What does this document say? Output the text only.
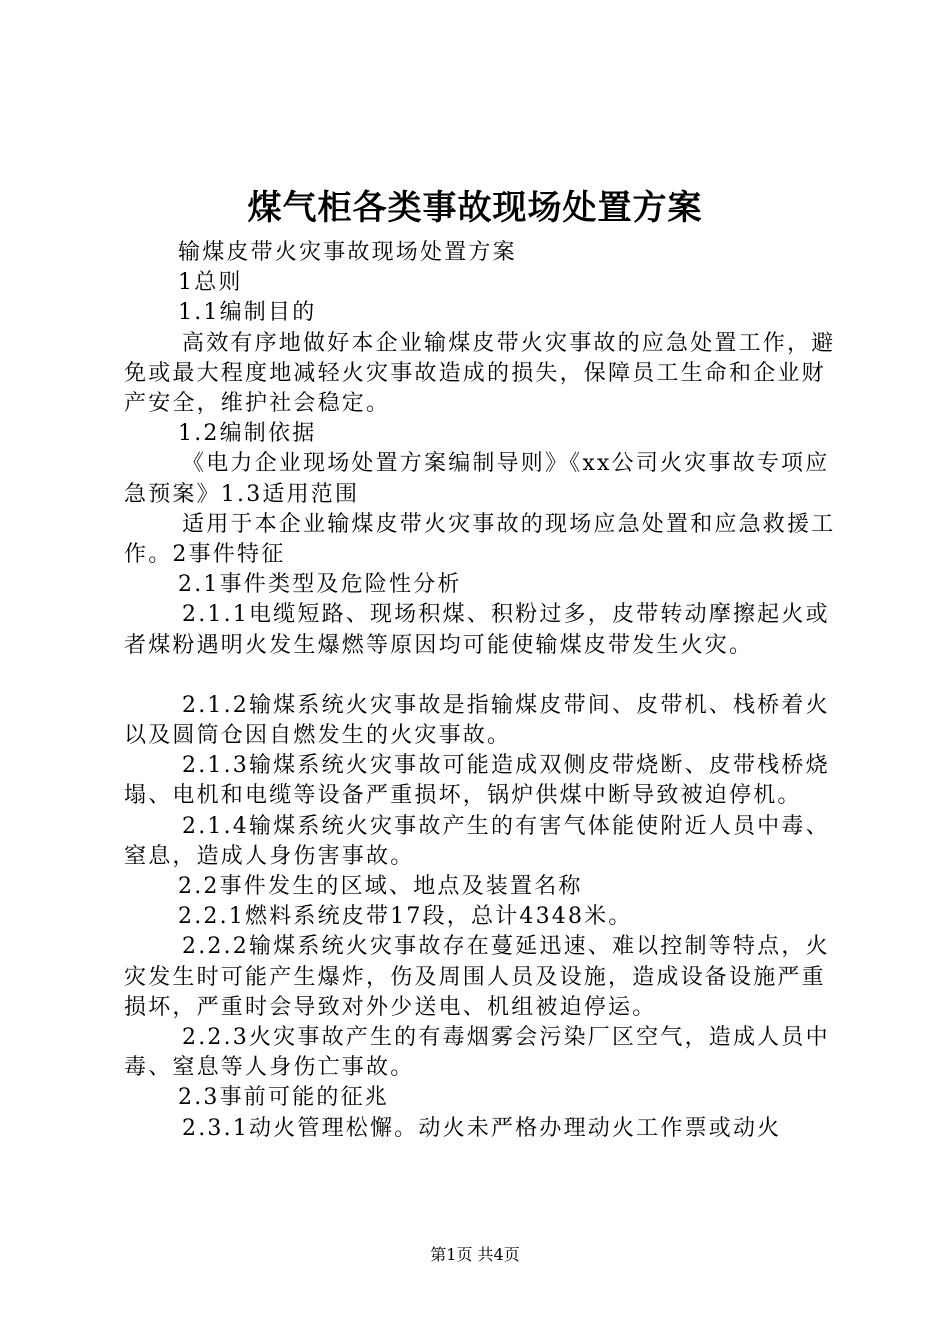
煤气柜各类事故现场处置方案

输煤皮带火灾事故现场处置方案

1总则

1.1编制目的

高效有序地做好本企业输煤皮带火灾事故的应急处置工作，避免或最大程度地减轻火灾事故造成的损失，保障员工生命和企业财产安全，维护社会稳定。

1.2编制依据

《电力企业现场处置方案编制导则》《xx公司火灾事故专项应急预案》1.3适用范围

适用于本企业输煤皮带火灾事故的现场应急处置和应急救援工作。2事件特征

2.1事件类型及危险性分析

2.1.1电缆短路、现场积煤、积粉过多，皮带转动摩擦起火或者煤粉遇明火发生爆燃等原因均可能使输煤皮带发生火灾。

2.1.2输煤系统火灾事故是指输煤皮带间、皮带机、栈桥着火以及圆筒仓因自燃发生的火灾事故。

2.1.3输煤系统火灾事故可能造成双侧皮带烧断、皮带栈桥烧塌、电机和电缆等设备严重损坏，锅炉供煤中断导致被迫停机。

2.1.4输煤系统火灾事故产生的有害气体能使附近人员中毒、窒息，造成人身伤害事故。

2.2事件发生的区域、地点及装置名称

2.2.1燃料系统皮带17段，总计4348米。

2.2.2输煤系统火灾事故存在蔓延迅速、难以控制等特点，火灾发生时可能产生爆炸，伤及周围人员及设施，造成设备设施严重损坏，严重时会导致对外少送电、机组被迫停运。

2.2.3火灾事故产生的有毒烟雾会污染厂区空气，造成人员中毒、窒息等人身伤亡事故。

2.3事前可能的征兆

2.3.1动火管理松懈。动火未严格办理动火工作票或动火

第1页 共4页
